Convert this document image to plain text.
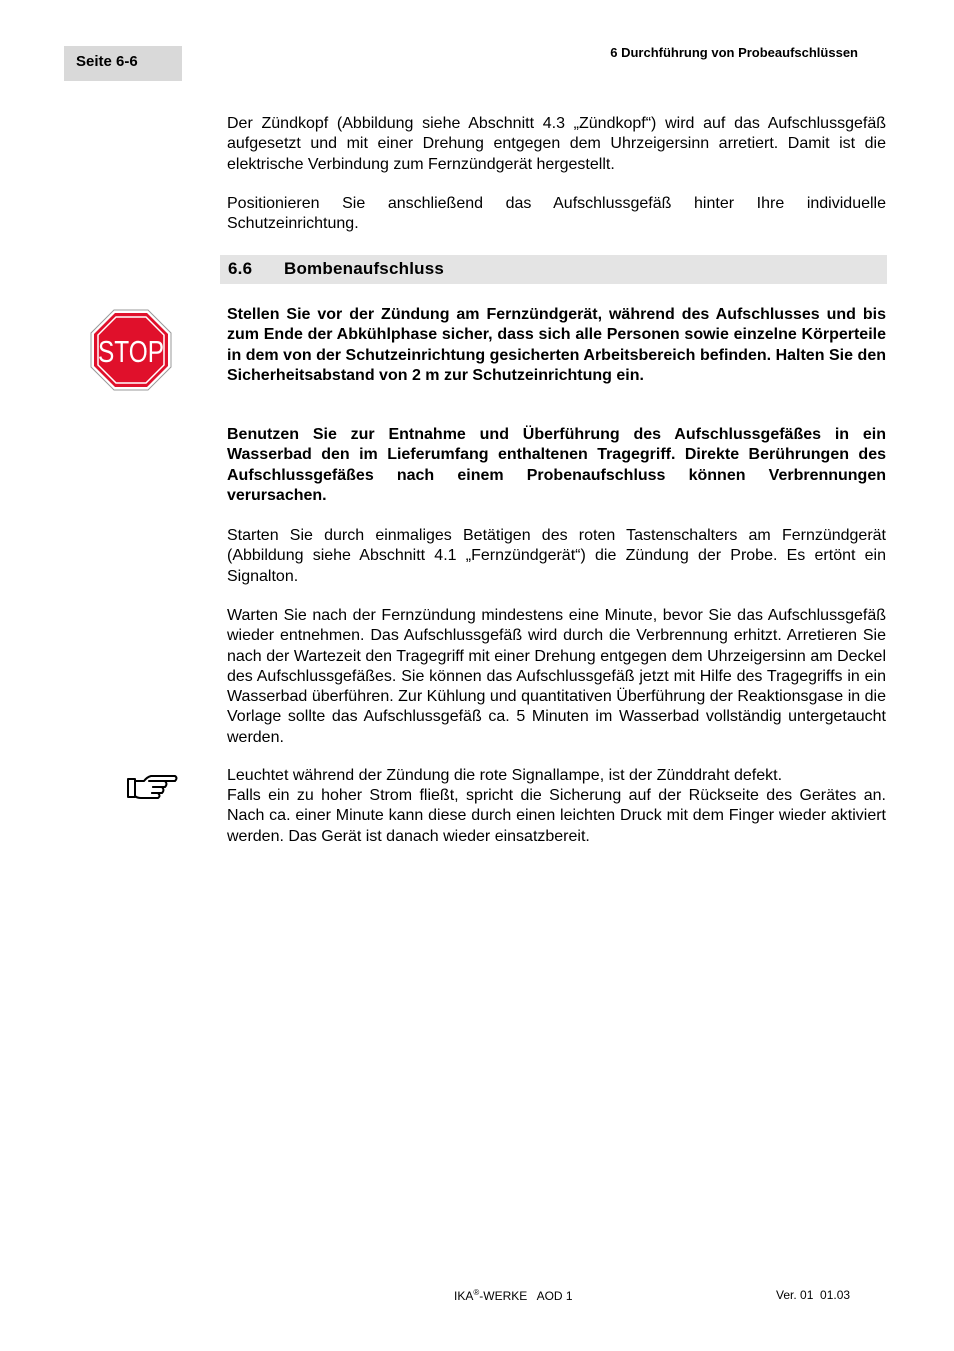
Seite 6-6
6 Durchführung von Probeaufschlüssen

Der Zündkopf (Abbildung siehe Abschnitt 4.3 „Zündkopf“) wird auf das Aufschlussgefäß aufgesetzt und mit einer Drehung entgegen dem Uhrzeigersinn arretiert. Damit ist die elektrische Verbindung zum Fernzündgerät hergestellt.

Positionieren Sie anschließend das Aufschlussgefäß hinter Ihre individuelle Schutzeinrichtung.

6.6 Bombenaufschluss
STOP

Stellen Sie vor der Zündung am Fernzündgerät, während des Aufschlusses und bis zum Ende der Abkühlphase sicher, dass sich alle Personen sowie einzelne Körperteile in dem von der Schutzeinrichtung gesicherten Arbeitsbereich befinden. Halten Sie den Sicherheitsabstand von 2 m zur Schutzeinrichtung ein.

Benutzen Sie zur Entnahme und Überführung des Aufschlussgefäßes in ein Wasserbad den im Lieferumfang enthaltenen Tragegriff. Direkte Berührungen des Aufschlussgefäßes nach einem Probenaufschluss können Verbrennungen verursachen.

Starten Sie durch einmaliges Betätigen des roten Tastenschalters am Fernzündgerät (Abbildung siehe Abschnitt 4.1 „Fernzündgerät“) die Zündung der Probe. Es ertönt ein Signalton.

Warten Sie nach der Fernzündung mindestens eine Minute, bevor Sie das Aufschlussgefäß wieder entnehmen. Das Aufschlussgefäß wird durch die Verbrennung erhitzt. Arretieren Sie nach der Wartezeit den Tragegriff mit einer Drehung entgegen dem Uhrzeigersinn am Deckel des Aufschlussgefäßes. Sie können das Aufschlussgefäß jetzt mit Hilfe des Tragegriffs in ein Wasserbad überführen. Zur Kühlung und quantitativen Überführung der Reaktionsgase in die Vorlage sollte das Aufschlussgefäß ca. 5 Minuten im Wasserbad vollständig untergetaucht werden.

Leuchtet während der Zündung die rote Signallampe, ist der Zünddraht defekt.

Falls ein zu hoher Strom fließt, spricht die Sicherung auf der Rückseite des Gerätes an. Nach ca. einer Minute kann diese durch einen leichten Druck mit dem Finger wieder aktiviert werden. Das Gerät ist danach wieder einsatzbereit.

IKA®-WERKE   AOD 1	Ver. 01  01.03
